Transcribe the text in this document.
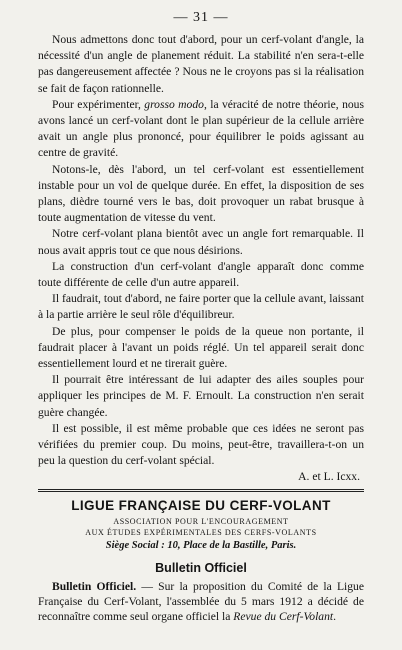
— 31 —

Nous admettons donc tout d'abord, pour un cerf-volant d'angle, la nécessité d'un angle de planement réduit. La stabilité n'en sera-t-elle pas dangereusement affectée ? Nous ne le croyons pas si la réalisation se fait de façon rationnelle.

Pour expérimenter, grosso modo, la véracité de notre théorie, nous avons lancé un cerf-volant dont le plan supérieur de la cellule arrière avait un angle plus prononcé, pour équilibrer le poids agissant au centre de gravité.

Notons-le, dès l'abord, un tel cerf-volant est essentiellement instable pour un vol de quelque durée. En effet, la disposition de ses plans, dièdre tourné vers le bas, doit provoquer un rabat brusque à toute augmentation de vitesse du vent.

Notre cerf-volant plana bientôt avec un angle fort remarquable. Il nous avait appris tout ce que nous désirions.

La construction d'un cerf-volant d'angle apparaît donc comme toute différente de celle d'un autre appareil.

Il faudrait, tout d'abord, ne faire porter que la cellule avant, laissant à la partie arrière le seul rôle d'équilibreur.

De plus, pour compenser le poids de la queue non portante, il faudrait placer à l'avant un poids réglé. Un tel appareil serait donc essentiellement lourd et ne tirerait guère.

Il pourrait être intéressant de lui adapter des ailes souples pour appliquer les principes de M. F. Ernoult. La construction n'en serait guère changée.

Il est possible, il est même probable que ces idées ne seront pas vérifiées du premier coup. Du moins, peut-être, travaillera-t-on un peu la question du cerf-volant spécial.

A. et L. Icxx.
LIGUE FRANÇAISE DU CERF-VOLANT

ASSOCIATION POUR L'ENCOURAGEMENT

AUX ÉTUDES EXPÉRIMENTALES DES CERFS-VOLANTS

Siège Social : 10, Place de la Bastille, Paris.
Bulletin Officiel

Bulletin Officiel. — Sur la proposition du Comité de la Ligue Française du Cerf-Volant, l'assemblée du 5 mars 1912 a décidé de reconnaître comme seul organe officiel la Revue du Cerf-Volant.
